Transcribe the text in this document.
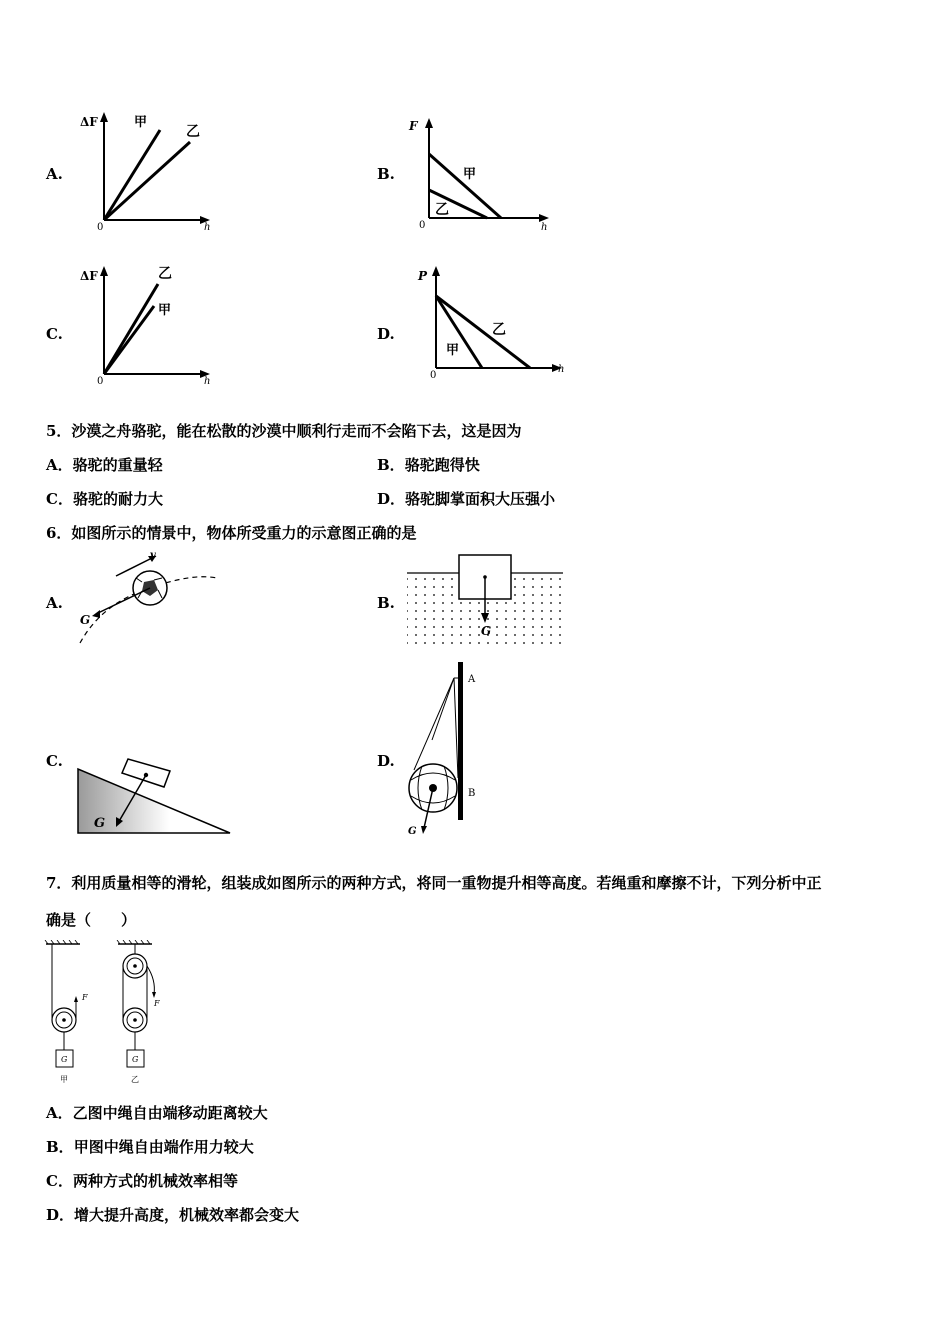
A.
ΔF
h
0
甲
乙
B.
F
h
0
甲
乙
C.
ΔF
h
0
乙
甲
D.
P
h
0
乙
甲
5．沙漠之舟骆驼，能在松散的沙漠中顺利行走而不会陷下去，这是因为
A．骆驼的重量轻	B．骆驼跑得快
C．骆驼的耐力大	D．骆驼脚掌面积大压强小
6．如图所示的情景中，物体所受重力的示意图正确的是
A.
v
G
B.
G
C.
G
D.
A
B
G
7．利用质量相等的滑轮，组装成如图所示的两种方式，将同一重物提升相等高度。若绳重和摩擦不计，下列分析中正
确是（　　）
G
F
甲
G
F
乙
A．乙图中绳自由端移动距离较大
B．甲图中绳自由端作用力较大
C．两种方式的机械效率相等
D．增大提升高度，机械效率都会变大
